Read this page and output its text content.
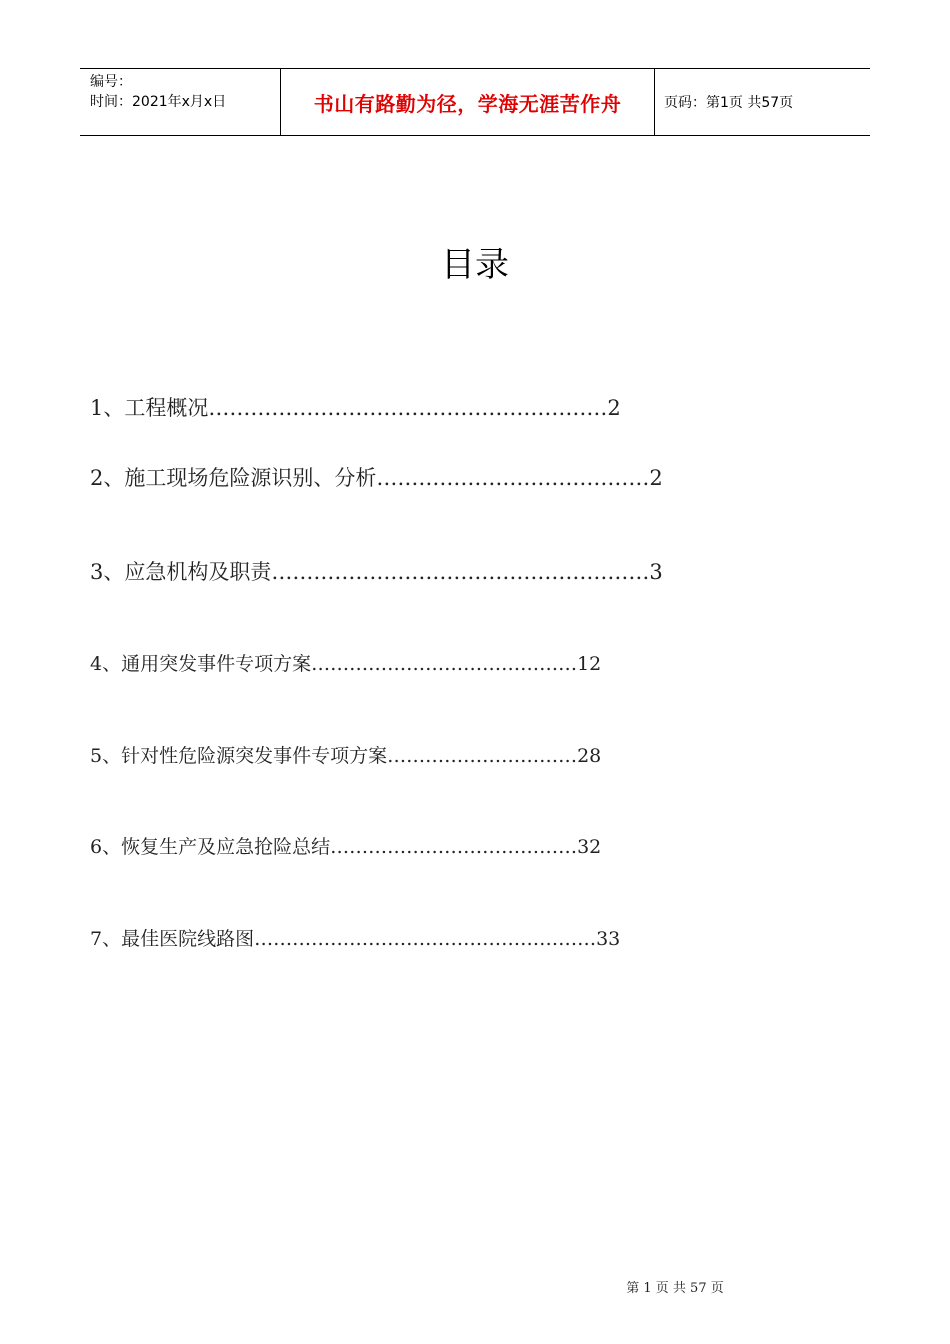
编号：
时间：2021年x月x日	书山有路勤为径，学海无涯苦作舟	页码：第1页 共57页
目录
1、工程概况…………………………………………………2
2、施工现场危险源识别、分析…………………………………2
3、应急机构及职责………………………………………………3
4、通用突发事件专项方案……………………………………12
5、针对性危险源突发事件专项方案…………………………28
6、恢复生产及应急抢险总结…………………………………32
7、最佳医院线路图………………………………………………33
第 1 页 共 57 页
